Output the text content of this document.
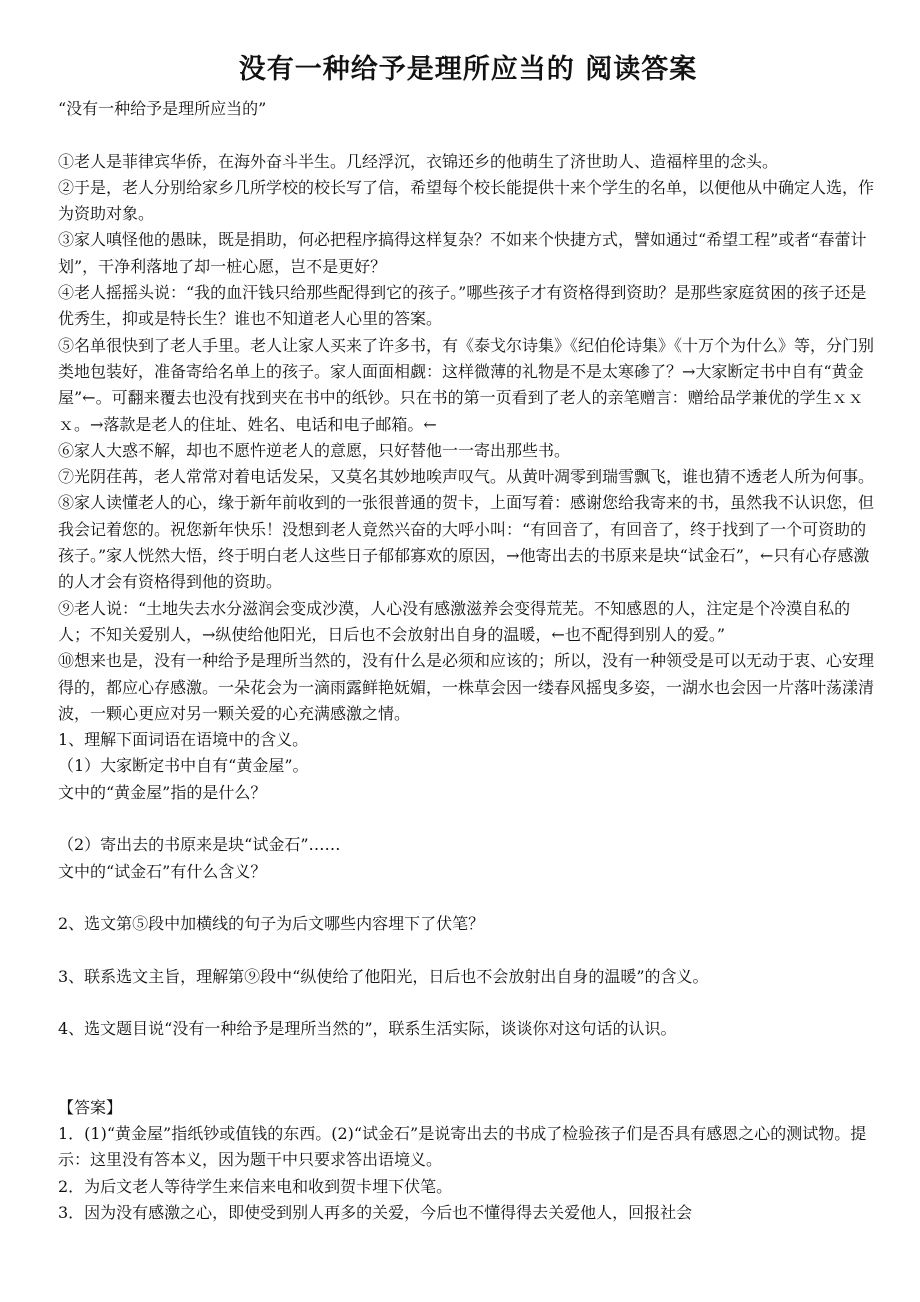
没有一种给予是理所应当的 阅读答案

“没有一种给予是理所应当的”

①老人是菲律宾华侨，在海外奋斗半生。几经浮沉，衣锦还乡的他萌生了济世助人、造福梓里的念头。

②于是，老人分别给家乡几所学校的校长写了信，希望每个校长能提供十来个学生的名单，以便他从中确定人选，作为资助对象。

③家人嗔怪他的愚昧，既是捐助，何必把程序搞得这样复杂？不如来个快捷方式，譬如通过“希望工程”或者“春蕾计划”，干净利落地了却一桩心愿，岂不是更好？

④老人摇摇头说：“我的血汗钱只给那些配得到它的孩子。”哪些孩子才有资格得到资助？是那些家庭贫困的孩子还是优秀生，抑或是特长生？谁也不知道老人心里的答案。

⑤名单很快到了老人手里。老人让家人买来了许多书，有《泰戈尔诗集》《纪伯伦诗集》《十万个为什么》等，分门别类地包装好，准备寄给名单上的孩子。家人面面相觑：这样微薄的礼物是不是太寒碜了？→大家断定书中自有“黄金屋”←。可翻来覆去也没有找到夹在书中的纸钞。只在书的第一页看到了老人的亲笔赠言：赠给品学兼优的学生ｘｘｘ。→落款是老人的住址、姓名、电话和电子邮箱。←

⑥家人大惑不解，却也不愿忤逆老人的意愿，只好替他一一寄出那些书。

⑦光阴荏苒，老人常常对着电话发呆，又莫名其妙地唉声叹气。从黄叶凋零到瑞雪飘飞，谁也猜不透老人所为何事。

⑧家人读懂老人的心，缘于新年前收到的一张很普通的贺卡，上面写着：感谢您给我寄来的书，虽然我不认识您，但我会记着您的。祝您新年快乐！没想到老人竟然兴奋的大呼小叫：“有回音了，有回音了，终于找到了一个可资助的孩子。”家人恍然大悟，终于明白老人这些日子郁郁寡欢的原因，→他寄出去的书原来是块“试金石”，←只有心存感激的人才会有资格得到他的资助。

⑨老人说：“土地失去水分滋润会变成沙漠，人心没有感激滋养会变得荒芜。不知感恩的人，注定是个冷漠自私的人；不知关爱别人，→纵使给他阳光，日后也不会放射出自身的温暖，←也不配得到别人的爱。”

⑩想来也是，没有一种给予是理所当然的，没有什么是必须和应该的；所以，没有一种领受是可以无动于衷、心安理得的，都应心存感激。一朵花会为一滴雨露鲜艳妩媚，一株草会因一缕春风摇曳多姿，一湖水也会因一片落叶荡漾清波，一颗心更应对另一颗关爱的心充满感激之情。

1、理解下面词语在语境中的含义。

（1）大家断定书中自有“黄金屋”。

文中的“黄金屋”指的是什么？

（2）寄出去的书原来是块“试金石”……

文中的“试金石”有什么含义？

2、选文第⑤段中加横线的句子为后文哪些内容埋下了伏笔？

3、联系选文主旨，理解第⑨段中“纵使给了他阳光，日后也不会放射出自身的温暖”的含义。

4、选文题目说“没有一种给予是理所当然的”，联系生活实际，谈谈你对这句话的认识。

【答案】

1．(1)“黄金屋”指纸钞或值钱的东西。(2)“试金石”是说寄出去的书成了检验孩子们是否具有感恩之心的测试物。提示：这里没有答本义，因为题干中只要求答出语境义。

2．为后文老人等待学生来信来电和收到贺卡埋下伏笔。

3．因为没有感激之心，即使受到别人再多的关爱，今后也不懂得得去关爱他人，回报社会
